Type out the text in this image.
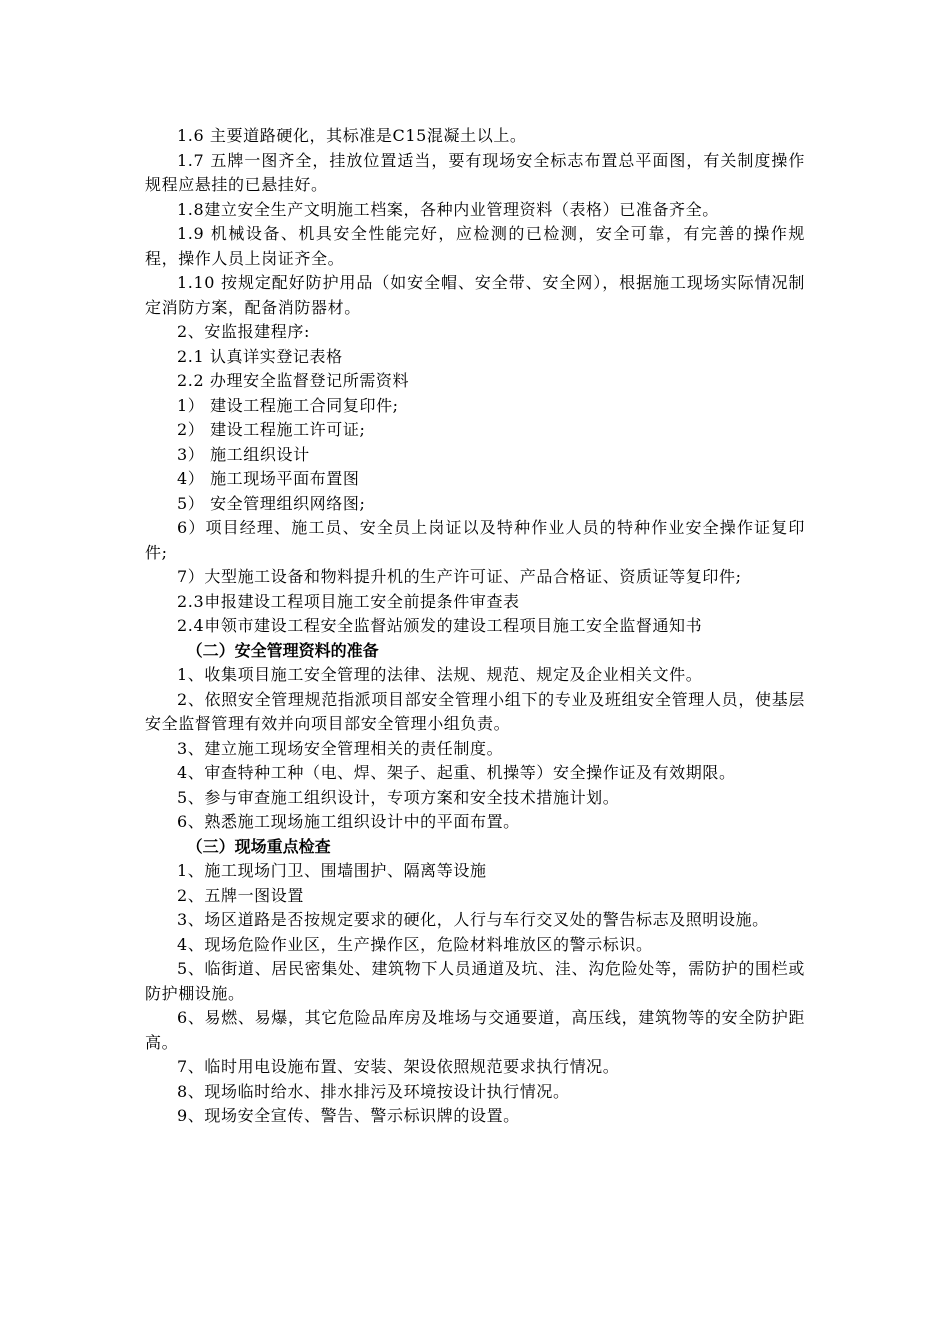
1.6 主要道路硬化，其标准是C15混凝土以上。

1.7 五牌一图齐全，挂放位置适当，要有现场安全标志布置总平面图，有关制度操作规程应悬挂的已悬挂好。

1.8建立安全生产文明施工档案，各种内业管理资料（表格）已准备齐全。

1.9 机械设备、机具安全性能完好，应检测的已检测，安全可靠，有完善的操作规程，操作人员上岗证齐全。

1.10 按规定配好防护用品（如安全帽、安全带、安全网），根据施工现场实际情况制定消防方案，配备消防器材。

2、安监报建程序:

2.1 认真详实登记表格

2.2 办理安全监督登记所需资料

1） 建设工程施工合同复印件;

2） 建设工程施工许可证;

3） 施工组织设计

4） 施工现场平面布置图

5） 安全管理组织网络图;

6）项目经理、施工员、安全员上岗证以及特种作业人员的特种作业安全操作证复印件;

7）大型施工设备和物料提升机的生产许可证、产品合格证、资质证等复印件;

2.3申报建设工程项目施工安全前提条件审查表

2.4申领市建设工程安全监督站颁发的建设工程项目施工安全监督通知书

（二）安全管理资料的准备

1、收集项目施工安全管理的法律、法规、规范、规定及企业相关文件。

2、依照安全管理规范指派项目部安全管理小组下的专业及班组安全管理人员，使基层安全监督管理有效并向项目部安全管理小组负责。

3、建立施工现场安全管理相关的责任制度。

4、审查特种工种（电、焊、架子、起重、机操等）安全操作证及有效期限。

5、参与审查施工组织设计，专项方案和安全技术措施计划。

6、熟悉施工现场施工组织设计中的平面布置。

（三）现场重点检查

1、施工现场门卫、围墙围护、隔离等设施

2、五牌一图设置

3、场区道路是否按规定要求的硬化，人行与车行交叉处的警告标志及照明设施。

4、现场危险作业区，生产操作区，危险材料堆放区的警示标识。

5、临街道、居民密集处、建筑物下人员通道及坑、洼、沟危险处等，需防护的围栏或防护棚设施。

6、易燃、易爆，其它危险品库房及堆场与交通要道，高压线，建筑物等的安全防护距高。

7、临时用电设施布置、安装、架设依照规范要求执行情况。

8、现场临时给水、排水排污及环境按设计执行情况。

9、现场安全宣传、警告、警示标识牌的设置。
